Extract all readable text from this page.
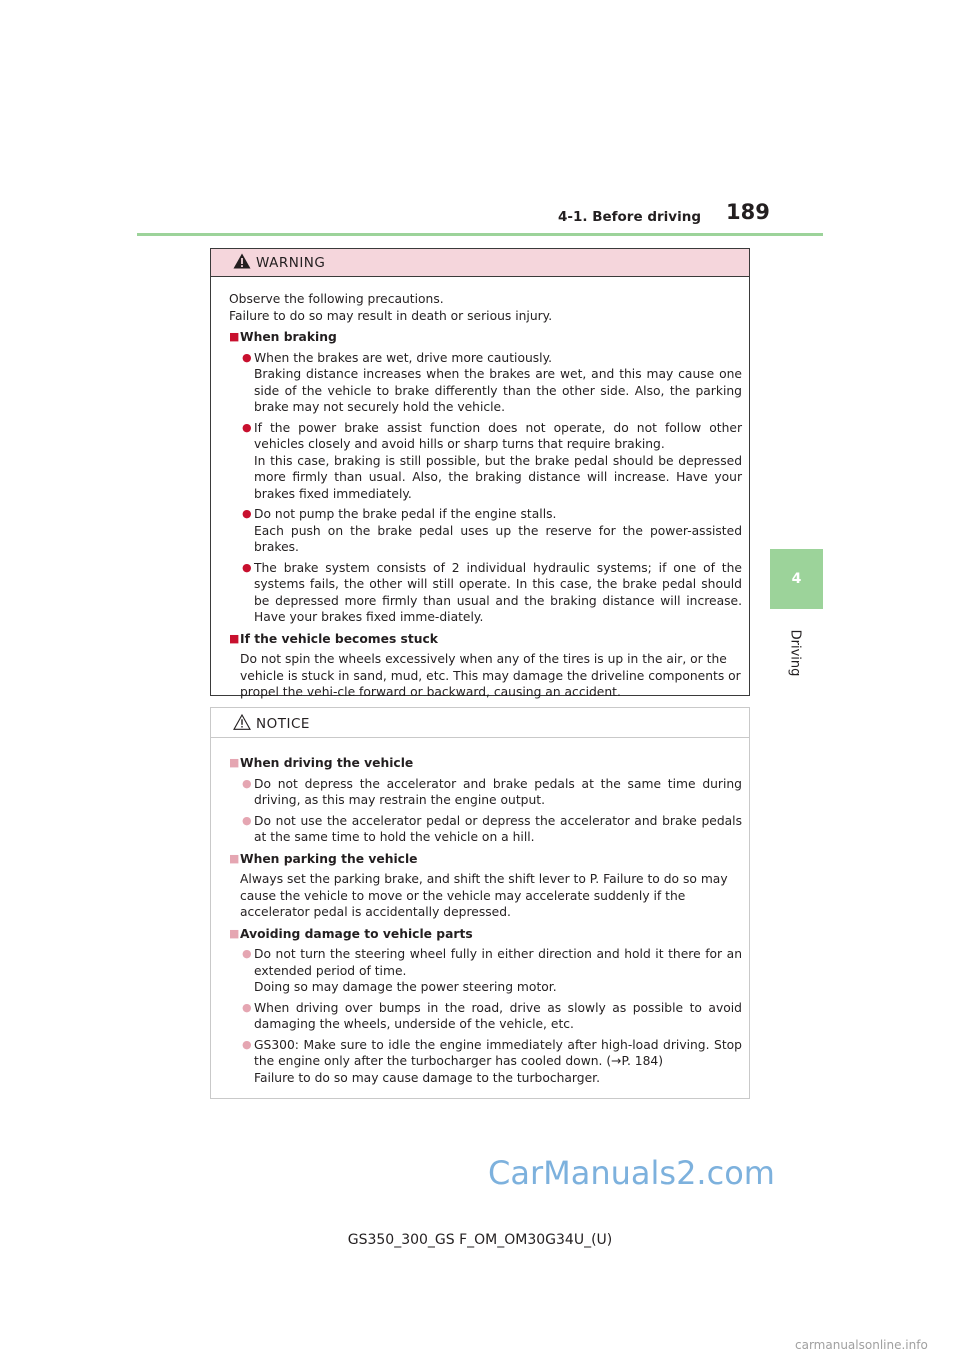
4-1. Before driving 189
4
Driving
WARNING
Observe the following precautions.
Failure to do so may result in death or serious injury.
■ When braking
● When the brakes are wet, drive more cautiously.
Braking distance increases when the brakes are wet, and this may cause one side of the vehicle to brake differently than the other side. Also, the parking brake may not securely hold the vehicle.
● If the power brake assist function does not operate, do not follow other vehicles closely and avoid hills or sharp turns that require braking.
In this case, braking is still possible, but the brake pedal should be depressed more firmly than usual. Also, the braking distance will increase. Have your brakes fixed immediately.
● Do not pump the brake pedal if the engine stalls.
Each push on the brake pedal uses up the reserve for the power-assisted brakes.
● The brake system consists of 2 individual hydraulic systems; if one of the systems fails, the other will still operate. In this case, the brake pedal should be depressed more firmly than usual and the braking distance will increase. Have your brakes fixed imme-diately.
■ If the vehicle becomes stuck
Do not spin the wheels excessively when any of the tires is up in the air, or the vehicle is stuck in sand, mud, etc. This may damage the driveline components or propel the vehi-cle forward or backward, causing an accident.
NOTICE
■ When driving the vehicle
● Do not depress the accelerator and brake pedals at the same time during driving, as this may restrain the engine output.
● Do not use the accelerator pedal or depress the accelerator and brake pedals at the same time to hold the vehicle on a hill.
■ When parking the vehicle
Always set the parking brake, and shift the shift lever to P. Failure to do so may cause the vehicle to move or the vehicle may accelerate suddenly if the accelerator pedal is accidentally depressed.
■ Avoiding damage to vehicle parts
● Do not turn the steering wheel fully in either direction and hold it there for an extended period of time.
Doing so may damage the power steering motor.
● When driving over bumps in the road, drive as slowly as possible to avoid damaging the wheels, underside of the vehicle, etc.
● GS300: Make sure to idle the engine immediately after high-load driving. Stop the engine only after the turbocharger has cooled down. (→P. 184)
Failure to do so may cause damage to the turbocharger.
CarManuals2.com
GS350_300_GS F_OM_OM30G34U_(U)
carmanualsonline.info
